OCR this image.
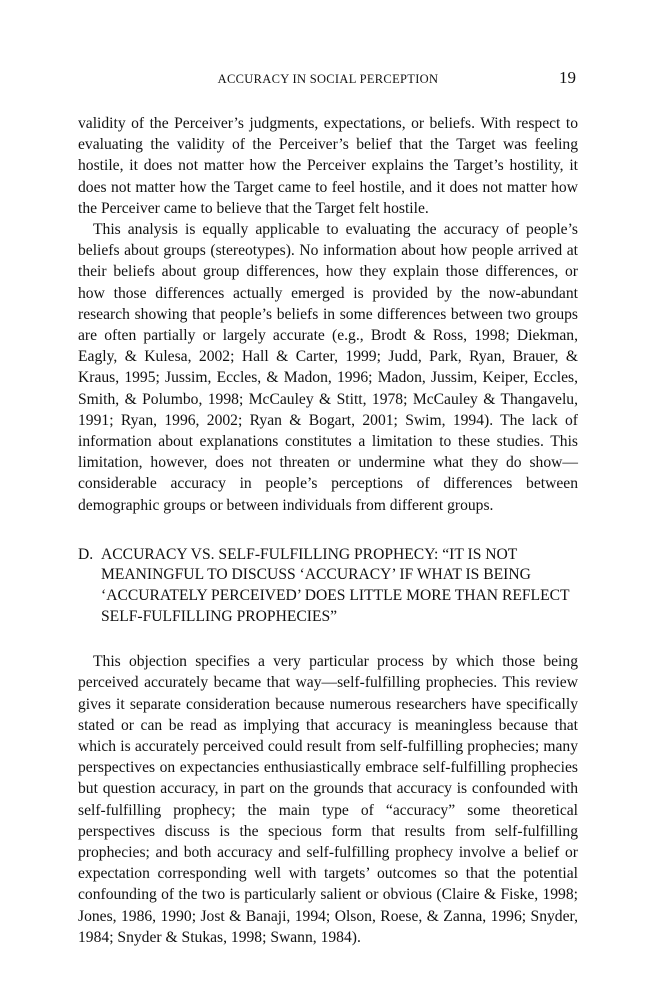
ACCURACY IN SOCIAL PERCEPTION	19

validity of the Perceiver’s judgments, expectations, or beliefs. With respect to evaluating the validity of the Perceiver’s belief that the Target was feeling hostile, it does not matter how the Perceiver explains the Target’s hostility, it does not matter how the Target came to feel hostile, and it does not matter how the Perceiver came to believe that the Target felt hostile.

This analysis is equally applicable to evaluating the accuracy of people’s beliefs about groups (stereotypes). No information about how people arrived at their beliefs about group differences, how they explain those differences, or how those differences actually emerged is provided by the now-abundant research showing that people’s beliefs in some differences between two groups are often partially or largely accurate (e.g., Brodt & Ross, 1998; Diekman, Eagly, & Kulesa, 2002; Hall & Carter, 1999; Judd, Park, Ryan, Brauer, & Kraus, 1995; Jussim, Eccles, & Madon, 1996; Madon, Jussim, Keiper, Eccles, Smith, & Polumbo, 1998; McCauley & Stitt, 1978; McCauley & Thangavelu, 1991; Ryan, 1996, 2002; Ryan & Bogart, 2001; Swim, 1994). The lack of information about explanations constitutes a limitation to these studies. This limitation, however, does not threaten or undermine what they do show—considerable accuracy in people’s perceptions of differences between demographic groups or between individuals from different groups.

D. ACCURACY VS. SELF-FULFILLING PROPHECY: “IT IS NOT MEANINGFUL TO DISCUSS ‘ACCURACY’ IF WHAT IS BEING ‘ACCURATELY PERCEIVED’ DOES LITTLE MORE THAN REFLECT SELF-FULFILLING PROPHECIES”

This objection specifies a very particular process by which those being perceived accurately became that way—self-fulfilling prophecies. This review gives it separate consideration because numerous researchers have specifically stated or can be read as implying that accuracy is meaningless because that which is accurately perceived could result from self-fulfilling prophecies; many perspectives on expectancies enthusiastically embrace self-fulfilling prophecies but question accuracy, in part on the grounds that accuracy is confounded with self-fulfilling prophecy; the main type of “accuracy” some theoretical perspectives discuss is the specious form that results from self-fulfilling prophecies; and both accuracy and self-fulfilling prophecy involve a belief or expectation corresponding well with targets’ outcomes so that the potential confounding of the two is particularly salient or obvious (Claire & Fiske, 1998; Jones, 1986, 1990; Jost & Banaji, 1994; Olson, Roese, & Zanna, 1996; Snyder, 1984; Snyder & Stukas, 1998; Swann, 1984).
